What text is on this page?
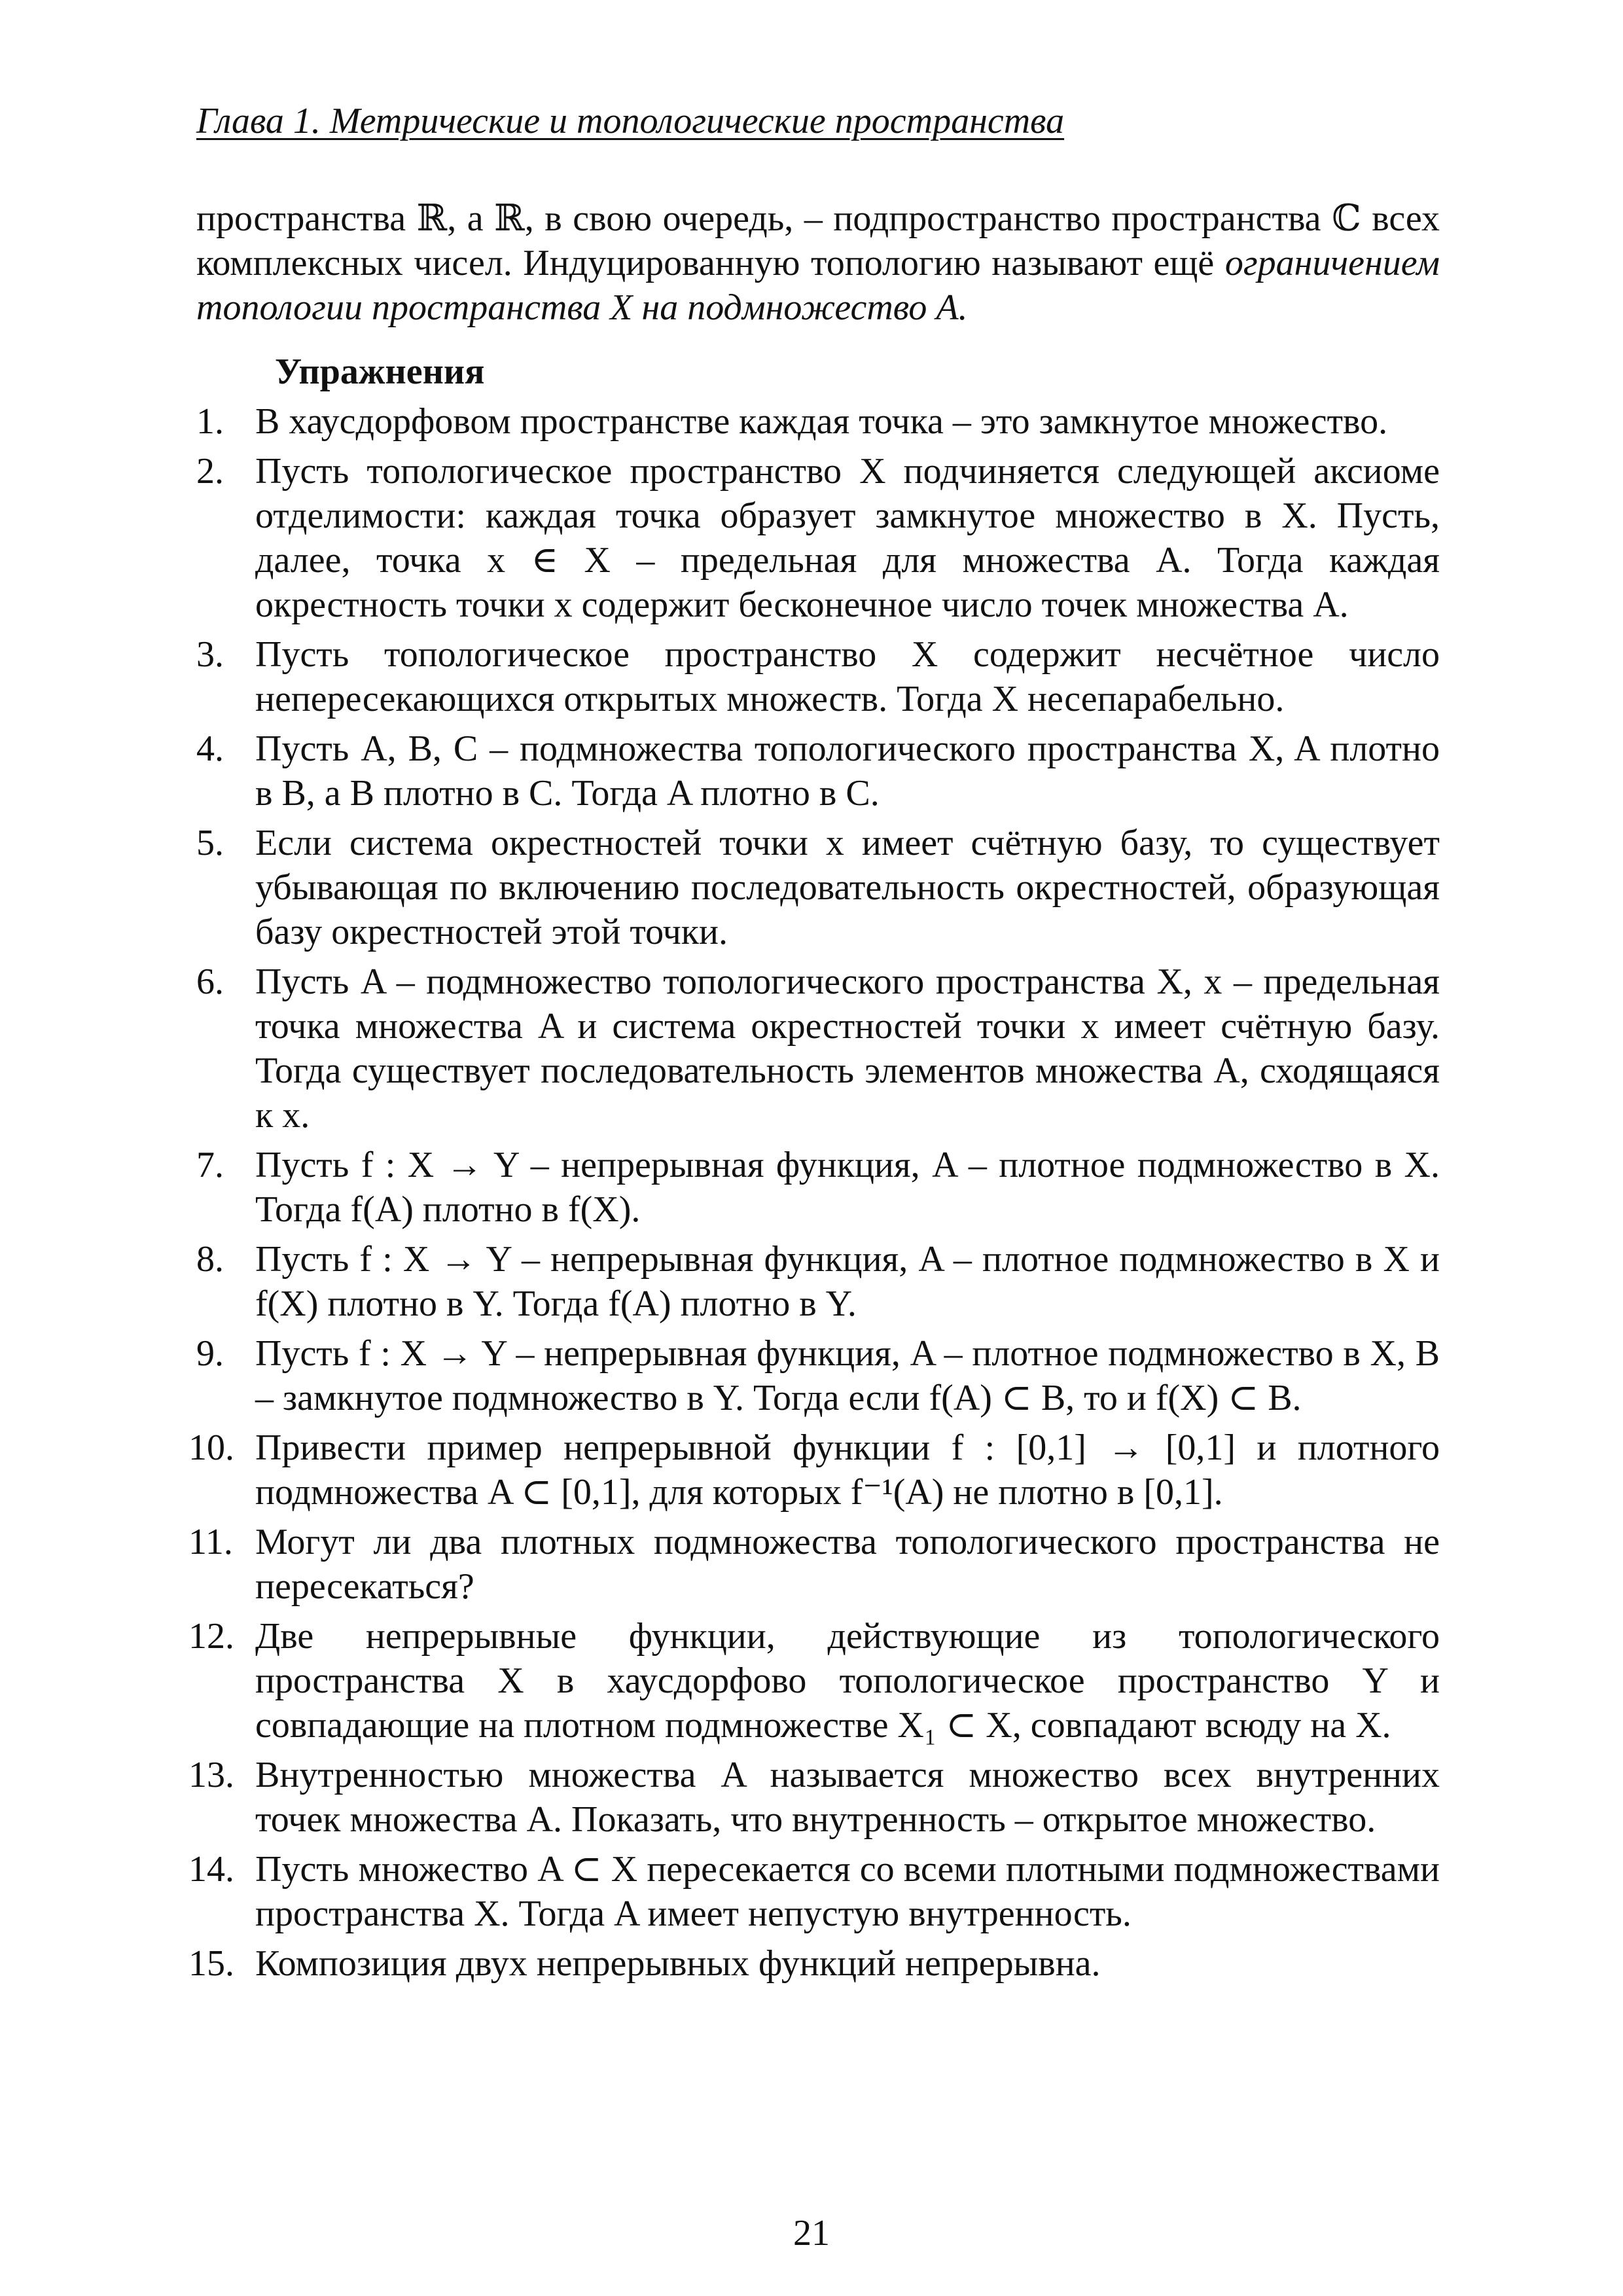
Глава 1. Метрические и топологические пространства

пространства ℝ, а ℝ, в свою очередь, – подпространство пространства ℂ всех комплексных чисел. Индуцированную топологию называют ещё ограничением топологии пространства X на подмножество A.

Упражнения
1. В хаусдорфовом пространстве каждая точка – это замкнутое множество.
2. Пусть топологическое пространство X подчиняется следующей аксиоме отделимости: каждая точка образует замкнутое множество в X. Пусть, далее, точка x ∈ X – предельная для множества A. Тогда каждая окрестность точки x содержит бесконечное число точек множества A.
3. Пусть топологическое пространство X содержит несчётное число непересекающихся открытых множеств. Тогда X несепарабельно.
4. Пусть A, B, C – подмножества топологического пространства X, A плотно в B, а B плотно в C. Тогда A плотно в C.
5. Если система окрестностей точки x имеет счётную базу, то существует убывающая по включению последовательность окрестностей, образующая базу окрестностей этой точки.
6. Пусть A – подмножество топологического пространства X, x – предельная точка множества A и система окрестностей точки x имеет счётную базу. Тогда существует последовательность элементов множества A, сходящаяся к x.
7. Пусть f : X → Y – непрерывная функция, A – плотное подмножество в X. Тогда f(A) плотно в f(X).
8. Пусть f : X → Y – непрерывная функция, A – плотное подмножество в X и f(X) плотно в Y. Тогда f(A) плотно в Y.
9. Пусть f : X → Y – непрерывная функция, A – плотное подмножество в X, B – замкнутое подмножество в Y. Тогда если f(A) ⊂ B, то и f(X) ⊂ B.
10. Привести пример непрерывной функции f : [0,1] → [0,1] и плотного подмножества A ⊂ [0,1], для которых f⁻¹(A) не плотно в [0,1].
11. Могут ли два плотных подмножества топологического пространства не пересекаться?
12. Две непрерывные функции, действующие из топологического пространства X в хаусдорфово топологическое пространство Y и совпадающие на плотном подмножестве X₁ ⊂ X, совпадают всюду на X.
13. Внутренностью множества A называется множество всех внутренних точек множества A. Показать, что внутренность – открытое множество.
14. Пусть множество A ⊂ X пересекается со всеми плотными подмножествами пространства X. Тогда A имеет непустую внутренность.
15. Композиция двух непрерывных функций непрерывна.
21
